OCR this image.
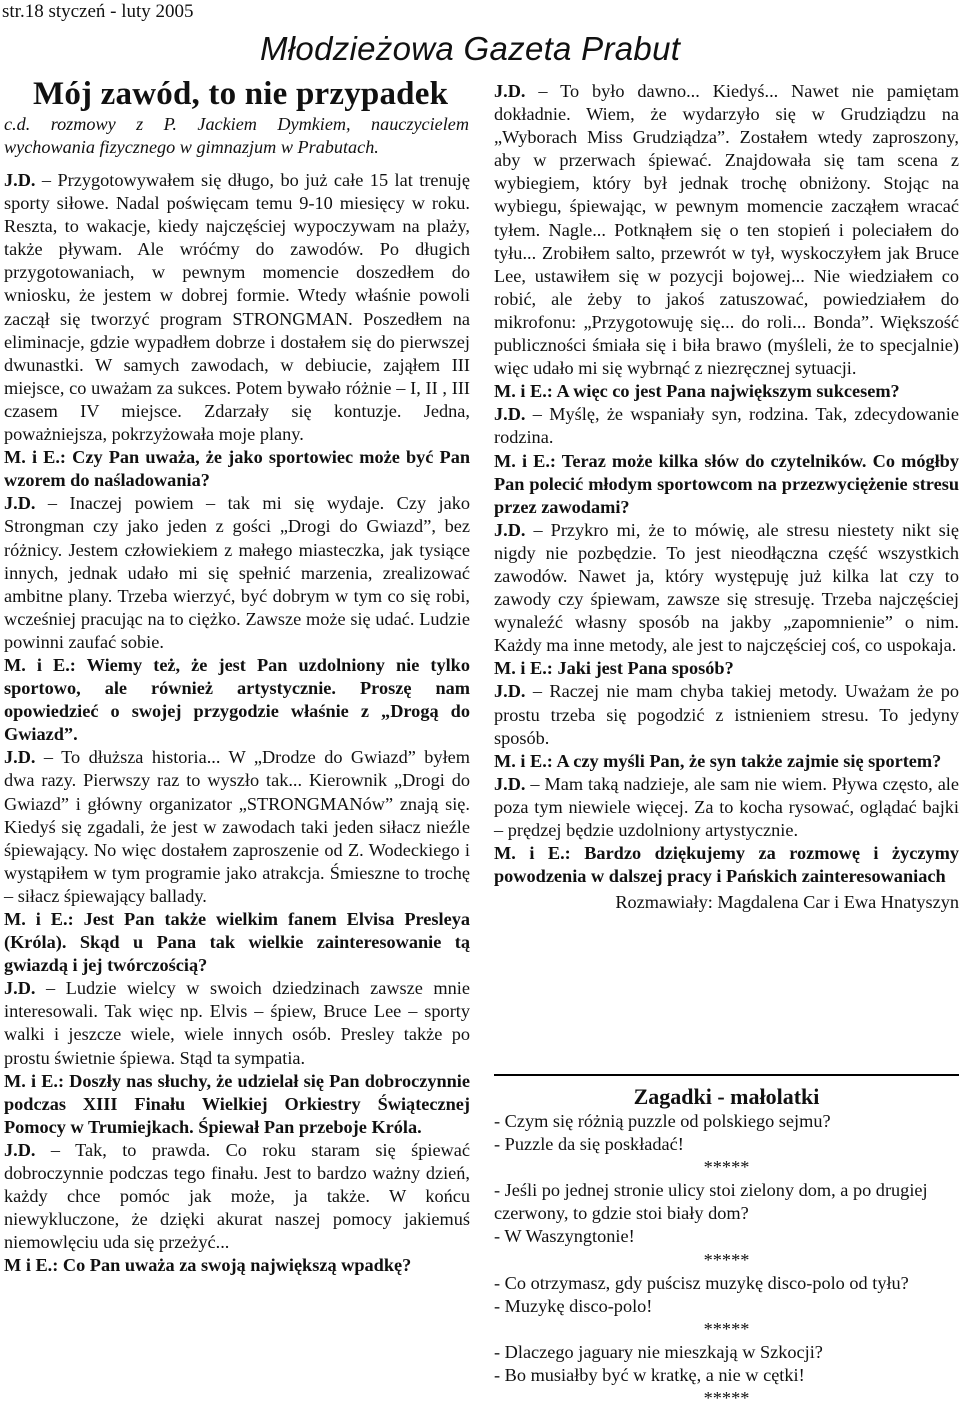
str.18 styczeń - luty 2005
Młodzieżowa Gazeta Prabut
Mój zawód, to nie przypadek
c.d. rozmowy z P. Jackiem Dymkiem, nauczycielem wychowania fizycznego w gimnazjum w Prabutach.

J.D. – Przygotowywałem się długo, bo już całe 15 lat trenuję sporty siłowe. Nadal poświęcam temu 9-10 miesięcy w roku. Reszta, to wakacje, kiedy najczęściej wypoczywam na plaży, także pływam. Ale wróćmy do zawodów. Po długich przygotowaniach, w pewnym momencie doszedłem do wniosku, że jestem w dobrej formie. Wtedy właśnie powoli zaczął się tworzyć program STRONGMAN. Poszedłem na eliminacje, gdzie wypadłem dobrze i dostałem się do pierwszej dwunastki. W samych zawodach, w debiucie, zająłem III miejsce, co uważam za sukces. Potem bywało różnie – I, II , III czasem IV miejsce. Zdarzały się kontuzje. Jedna, poważniejsza, pokrzyżowała moje plany.

M. i E.: Czy Pan uważa, że jako sportowiec może być Pan wzorem do naśladowania?

J.D. – Inaczej powiem – tak mi się wydaje. Czy jako Strongman czy jako jeden z gości „Drogi do Gwiazd”, bez różnicy. Jestem człowiekiem z małego miasteczka, jak tysiące innych, jednak udało mi się spełnić marzenia, zrealizować ambitne plany. Trzeba wierzyć, być dobrym w tym co się robi, wcześniej pracując na to ciężko. Zawsze może się udać. Ludzie powinni zaufać sobie.

M. i E.: Wiemy też, że jest Pan uzdolniony nie tylko sportowo, ale również artystycznie. Proszę nam opowiedzieć o swojej przygodzie właśnie z „Drogą do Gwiazd”.

J.D. – To dłuższa historia... W „Drodze do Gwiazd” byłem dwa razy. Pierwszy raz to wyszło tak... Kierownik „Drogi do Gwiazd” i główny organizator „STRONGMANów” znają się. Kiedyś się zgadali, że jest w zawodach taki jeden siłacz nieźle śpiewający. No więc dostałem zaproszenie od Z. Wodeckiego i wystąpiłem w tym programie jako atrakcja. Śmieszne to trochę – siłacz śpiewający ballady.

M. i E.: Jest Pan także wielkim fanem Elvisa Presleya (Króla). Skąd u Pana tak wielkie zainteresowanie tą gwiazdą i jej twórczością?

J.D. – Ludzie wielcy w swoich dziedzinach zawsze mnie interesowali. Tak więc np. Elvis – śpiew, Bruce Lee – sporty walki i jeszcze wiele, wiele innych osób. Presley także po prostu świetnie śpiewa. Stąd ta sympatia.

M. i E.: Doszły nas słuchy, że udzielał się Pan dobroczynnie podczas XIII Finału Wielkiej Orkiestry Świątecznej Pomocy w Trumiejkach. Śpiewał Pan przeboje Króla.

J.D. – Tak, to prawda. Co roku staram się śpiewać dobroczynnie podczas tego finału. Jest to bardzo ważny dzień, każdy chce pomóc jak może, ja także. W końcu niewykluczone, że dzięki akurat naszej pomocy jakiemuś niemowlęciu uda się przeżyć...

M i E.: Co Pan uważa za swoją największą wpadkę?

J.D. – To było dawno... Kiedyś... Nawet nie pamiętam dokładnie. Wiem, że wydarzyło się w Grudziądzu na „Wyborach Miss Grudziądza”. Zostałem wtedy zaproszony, aby w przerwach śpiewać. Znajdowała się tam scena z wybiegiem, który był jednak trochę obniżony. Stojąc na wybiegu, śpiewając, w pewnym momencie zacząłem wracać tyłem. Nagle... Potknąłem się o ten stopień i poleciałem do tyłu... Zrobiłem salto, przewrót w tył, wyskoczyłem jak Bruce Lee, ustawiłem się w pozycji bojowej... Nie wiedziałem co robić, ale żeby to jakoś zatuszować, powiedziałem do mikrofonu: „Przygotowuję się... do roli... Bonda”. Większość publiczności śmiała się i biła brawo (myśleli, że to specjalnie) więc udało mi się wybrnąć z niezręcznej sytuacji.

M. i E.: A więc co jest Pana największym sukcesem?

J.D. – Myślę, że wspaniały syn, rodzina. Tak, zdecydowanie rodzina.

M. i E.: Teraz może kilka słów do czytelników. Co mógłby Pan polecić młodym sportowcom na przezwyciężenie stresu przez zawodami?

J.D. – Przykro mi, że to mówię, ale stresu niestety nikt się nigdy nie pozbędzie. To jest nieodłączna część wszystkich zawodów. Nawet ja, który występuję już kilka lat czy to zawody czy śpiewam, zawsze się stresuję. Trzeba najczęściej wynaleźć własny sposób na jakby „zapomnienie” o nim. Każdy ma inne metody, ale jest to najczęściej coś, co uspokaja.

M. i E.: Jaki jest Pana sposób?

J.D. – Raczej nie mam chyba takiej metody. Uważam że po prostu trzeba się pogodzić z istnieniem stresu. To jedyny sposób.

M. i E.: A czy myśli Pan, że syn także zajmie się sportem?

J.D. – Mam taką nadzieje, ale sam nie wiem. Pływa często, ale poza tym niewiele więcej. Za to kocha rysować, oglądać bajki – prędzej będzie uzdolniony artystycznie.

M. i E.: Bardzo dziękujemy za rozmowę i życzymy powodzenia w dalszej pracy i Pańskich zainteresowaniach

Rozmawiały: Magdalena Car i Ewa Hnatyszyn

Zagadki - małolatki

- Czym się różnią puzzle od polskiego sejmu?

- Puzzle da się poskładać!

*****

- Jeśli po jednej stronie ulicy stoi zielony dom, a po drugiej czerwony, to gdzie stoi biały dom?

- W Waszyngtonie!

*****

- Co otrzymasz, gdy puścisz muzykę disco-polo od tyłu?

- Muzykę disco-polo!

*****

- Dlaczego jaguary nie mieszkają w Szkocji?

- Bo musiałby być w kratkę, a nie w cętki!

*****
